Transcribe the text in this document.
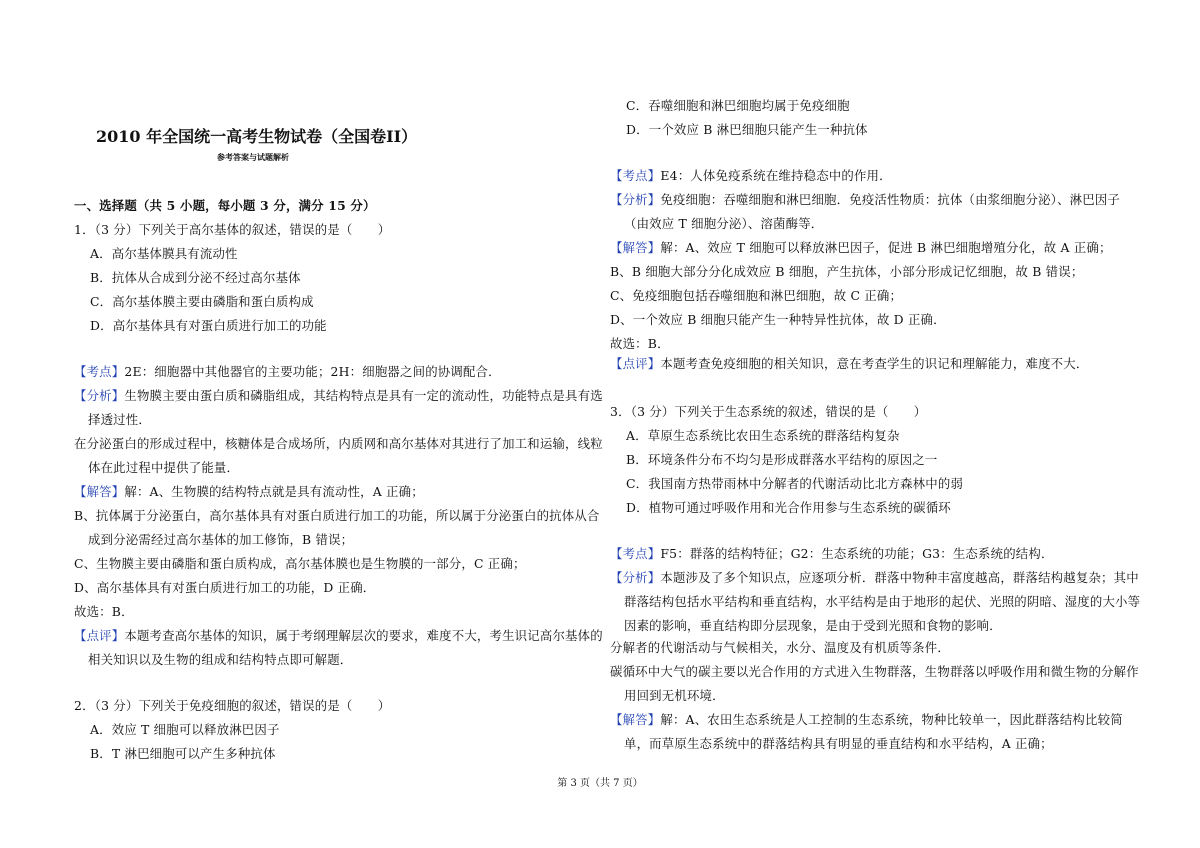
2010 年全国统一高考生物试卷（全国卷II）
参考答案与试题解析
一、选择题（共 5 小题，每小题 3 分，满分 15 分）
1．（3 分）下列关于高尔基体的叙述，错误的是（　　）
A．高尔基体膜具有流动性
B．抗体从合成到分泌不经过高尔基体
C．高尔基体膜主要由磷脂和蛋白质构成
D．高尔基体具有对蛋白质进行加工的功能
【考点】2E：细胞器中其他器官的主要功能；2H：细胞器之间的协调配合．
【分析】生物膜主要由蛋白质和磷脂组成，其结构特点是具有一定的流动性，功能特点是具有选
择透过性．
在分泌蛋白的形成过程中，核糖体是合成场所，内质网和高尔基体对其进行了加工和运输，线粒
体在此过程中提供了能量．
【解答】解：A、生物膜的结构特点就是具有流动性，A 正确；
B、抗体属于分泌蛋白，高尔基体具有对蛋白质进行加工的功能，所以属于分泌蛋白的抗体从合
成到分泌需经过高尔基体的加工修饰，B 错误；
C、生物膜主要由磷脂和蛋白质构成，高尔基体膜也是生物膜的一部分，C 正确；
D、高尔基体具有对蛋白质进行加工的功能，D 正确．
故选：B．
【点评】本题考查高尔基体的知识，属于考纲理解层次的要求，难度不大，考生识记高尔基体的
相关知识以及生物的组成和结构特点即可解题．
2．（3 分）下列关于免疫细胞的叙述，错误的是（　　）
A．效应 T 细胞可以释放淋巴因子
B．T 淋巴细胞可以产生多种抗体
C．吞噬细胞和淋巴细胞均属于免疫细胞
D．一个效应 B 淋巴细胞只能产生一种抗体
【考点】E4：人体免疫系统在维持稳态中的作用．
【分析】免疫细胞：吞噬细胞和淋巴细胞．免疫活性物质：抗体（由浆细胞分泌）、淋巴因子
（由效应 T 细胞分泌）、溶菌酶等．
【解答】解：A、效应 T 细胞可以释放淋巴因子，促进 B 淋巴细胞增殖分化，故 A 正确；
B、B 细胞大部分分化成效应 B 细胞，产生抗体，小部分形成记忆细胞，故 B 错误；
C、免疫细胞包括吞噬细胞和淋巴细胞，故 C 正确；
D、一个效应 B 细胞只能产生一种特异性抗体，故 D 正确．
故选：B．
【点评】本题考查免疫细胞的相关知识，意在考查学生的识记和理解能力，难度不大．
3．（3 分）下列关于生态系统的叙述，错误的是（　　）
A．草原生态系统比农田生态系统的群落结构复杂
B．环境条件分布不均匀是形成群落水平结构的原因之一
C．我国南方热带雨林中分解者的代谢活动比北方森林中的弱
D．植物可通过呼吸作用和光合作用参与生态系统的碳循环
【考点】F5：群落的结构特征；G2：生态系统的功能；G3：生态系统的结构．
【分析】本题涉及了多个知识点，应逐项分析．群落中物种丰富度越高，群落结构越复杂；其中
群落结构包括水平结构和垂直结构，水平结构是由于地形的起伏、光照的阴暗、湿度的大小等
因素的影响，垂直结构即分层现象，是由于受到光照和食物的影响．
分解者的代谢活动与气候相关，水分、温度及有机质等条件．
碳循环中大气的碳主要以光合作用的方式进入生物群落，生物群落以呼吸作用和微生物的分解作
用回到无机环境．
【解答】解：A、农田生态系统是人工控制的生态系统，物种比较单一，因此群落结构比较简
单，而草原生态系统中的群落结构具有明显的垂直结构和水平结构，A 正确；
第 3 页（共 7 页）
